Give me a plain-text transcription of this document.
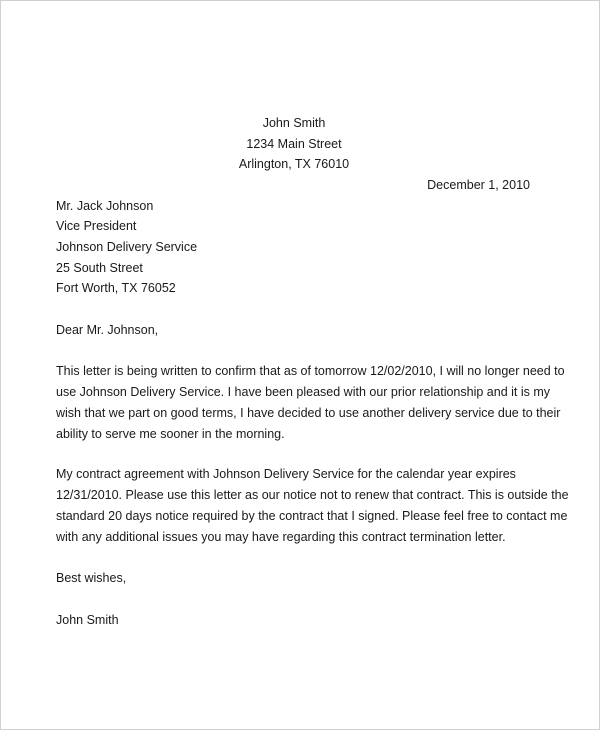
John Smith
1234 Main Street
Arlington, TX 76010
December 1, 2010
Mr. Jack Johnson
Vice President
Johnson Delivery Service
25 South Street
Fort Worth, TX 76052
Dear Mr. Johnson,
This letter is being written to confirm that as of tomorrow 12/02/2010, I will no longer need to
use Johnson Delivery Service. I have been pleased with our prior relationship and it is my
wish that we part on good terms, I have decided to use another delivery service due to their
ability to serve me sooner in the morning.
My contract agreement with Johnson Delivery Service for the calendar year expires
12/31/2010. Please use this letter as our notice not to renew that contract. This is outside the
standard 20 days notice required by the contract that I signed. Please feel free to contact me
with any additional issues you may have regarding this contract termination letter.
Best wishes,
John Smith
